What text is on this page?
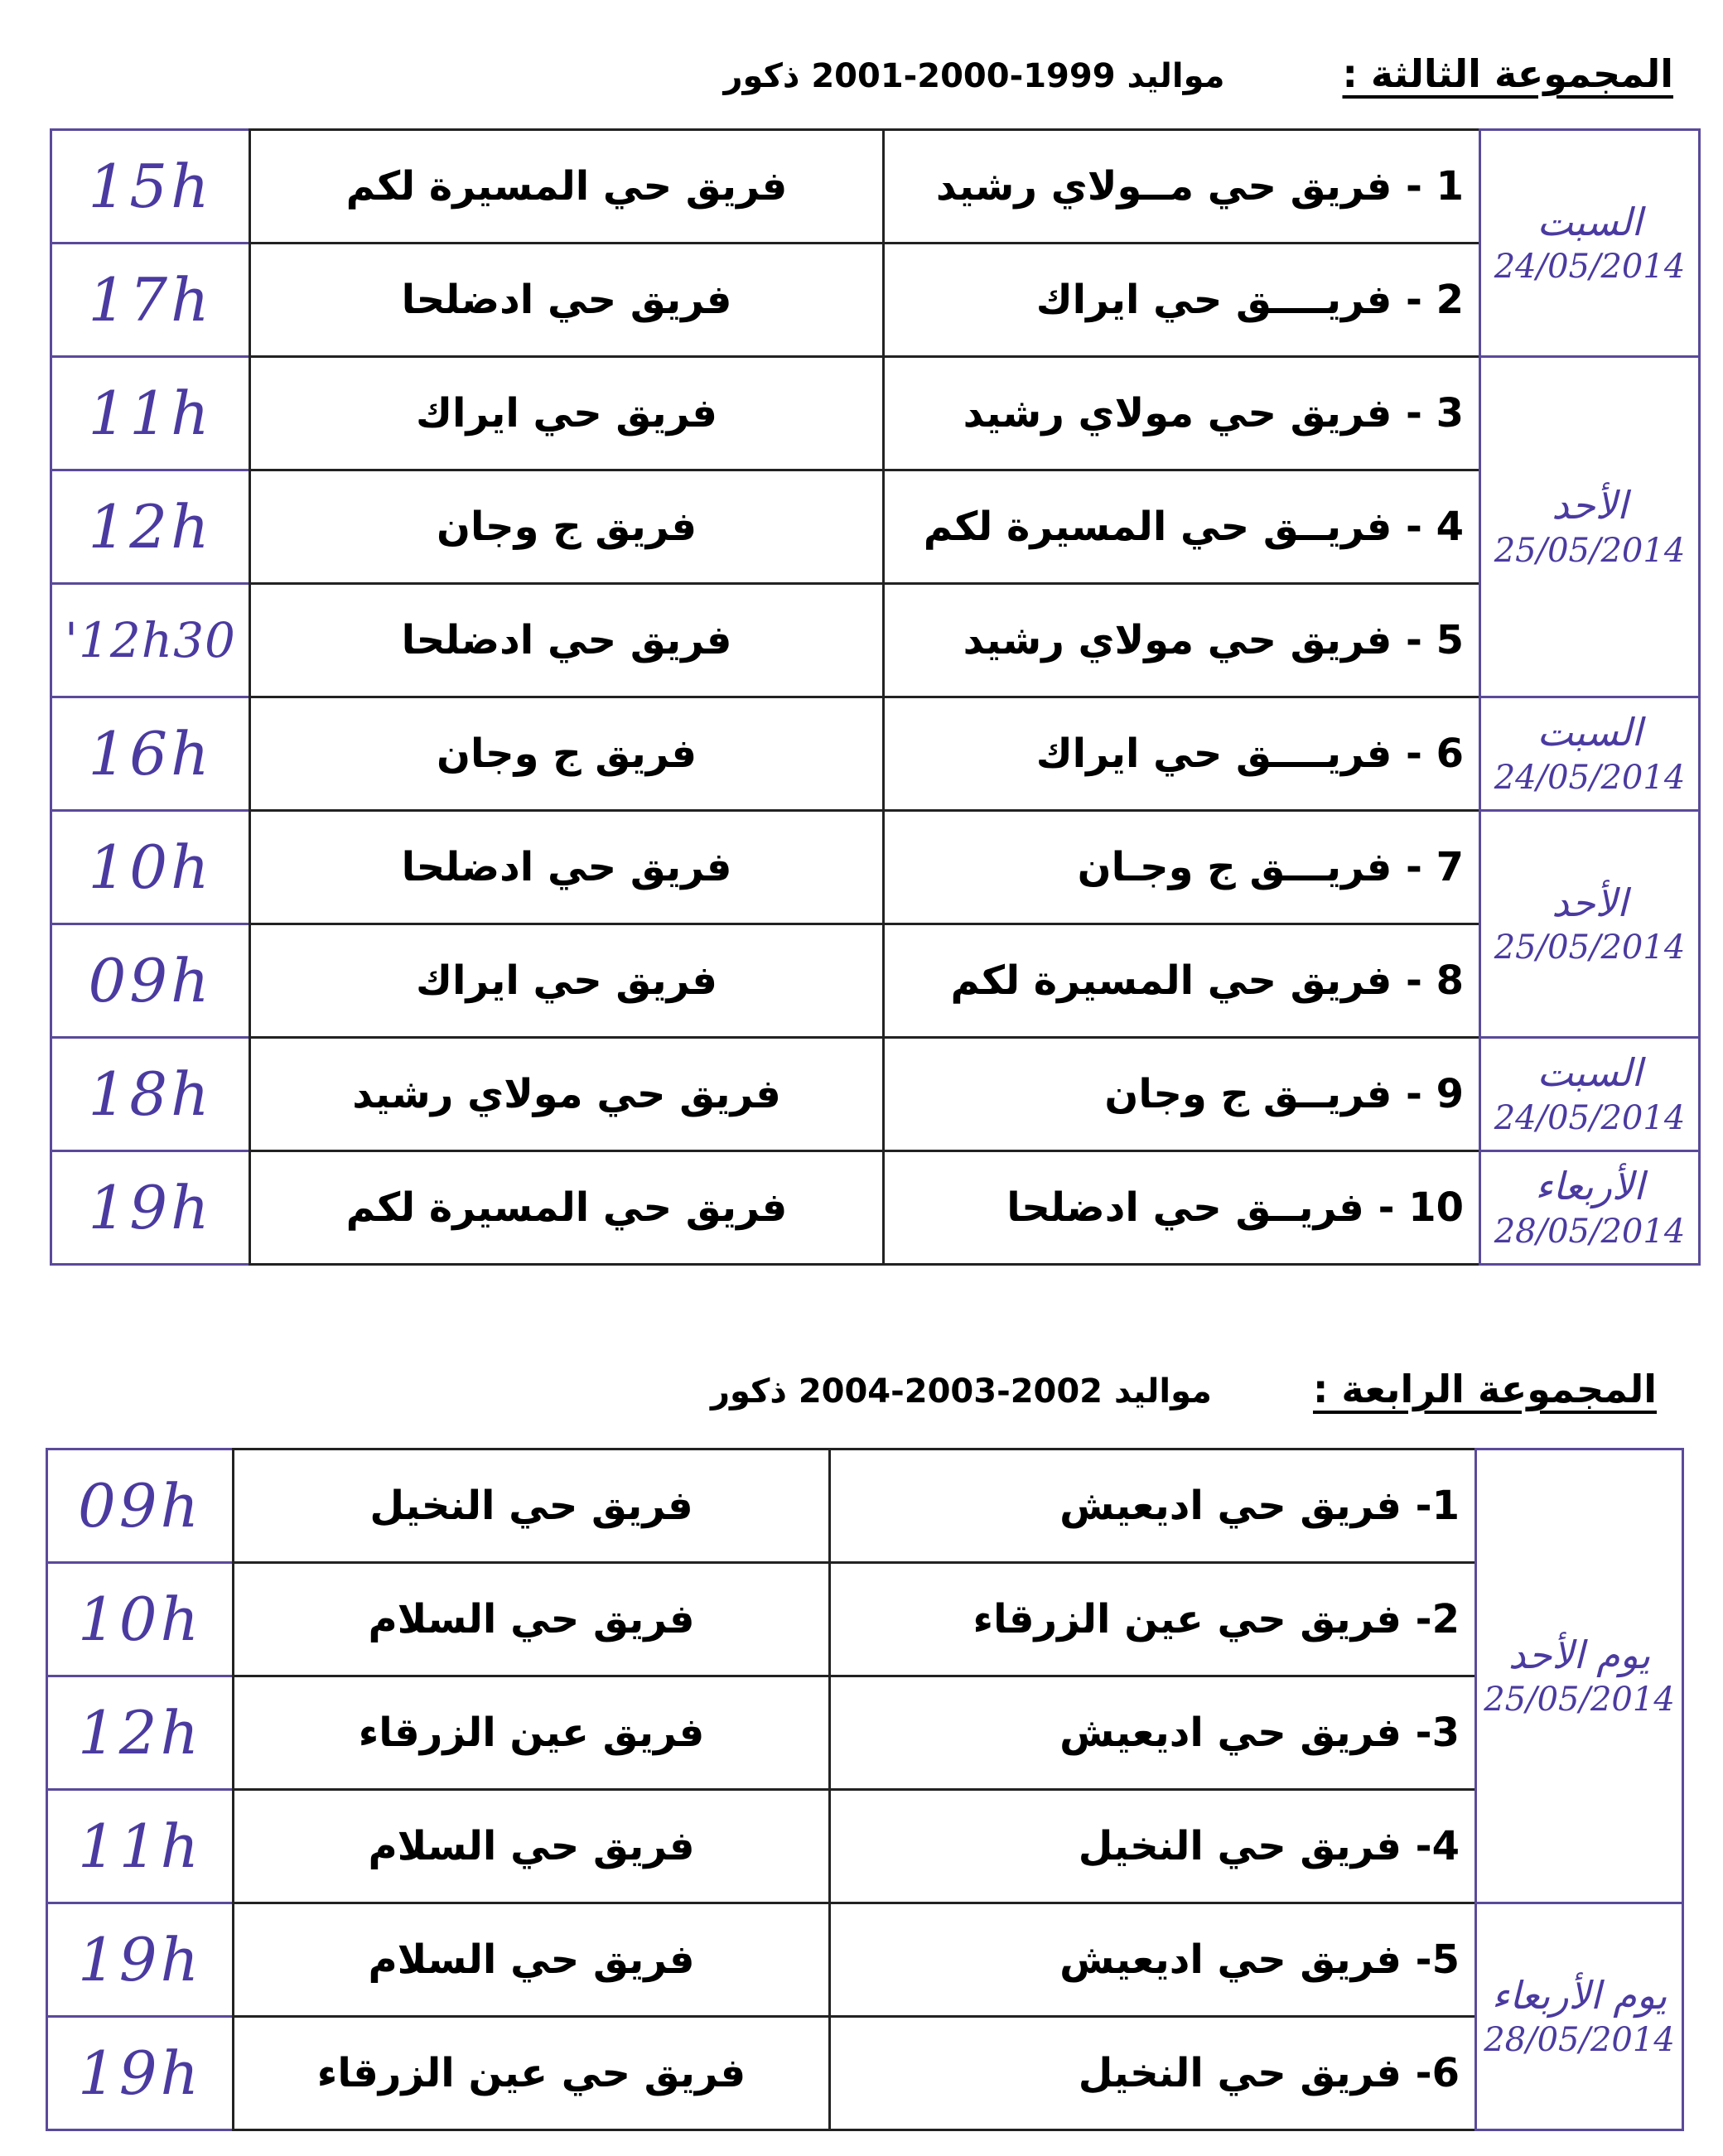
المجموعة الثالثة :  مواليد 1999-2000-2001 ذكور
السبت
24/05/2014	1 - فريق حي مــولاي رشيد	فريق حي المسيرة لكم	15h
	2 - فريــــق حي ايراك	فريق حي ادضلحا	17h

الأحد
25/05/2014	3 - فريق حي مولاي رشيد	فريق حي ايراك	11h
	4 - فريــق حي المسيرة لكم	فريق ج وجان	12h
	5 - فريق حي مولاي رشيد	فريق حي ادضلحا	12h30'

السبت
24/05/2014	6 - فريــــق حي ايراك	فريق ج وجان	16h

الأحد
25/05/2014	7 - فريـــق ج وجـان	فريق حي ادضلحا	10h
	8 - فريق حي المسيرة لكم	فريق حي ايراك	09h

السبت
24/05/2014	9 - فريــق ج وجان	فريق حي مولاي رشيد	18h

الأربعاء
28/05/2014	10 - فريــق حي ادضلحا	فريق حي المسيرة لكم	19h
المجموعة الرابعة :  مواليد 2002-2003-2004 ذكور
يوم الأحد
25/05/2014	1- فريق حي اديعيش	فريق حي النخيل	09h
	2- فريق حي عين الزرقاء	فريق حي السلام	10h
	3- فريق حي اديعيش	فريق عين الزرقاء	12h
	4- فريق حي النخيل	فريق حي السلام	11h

يوم الأربعاء
28/05/2014	5- فريق حي اديعيش	فريق حي السلام	19h
	6- فريق حي النخيل	فريق حي عين الزرقاء	19h
